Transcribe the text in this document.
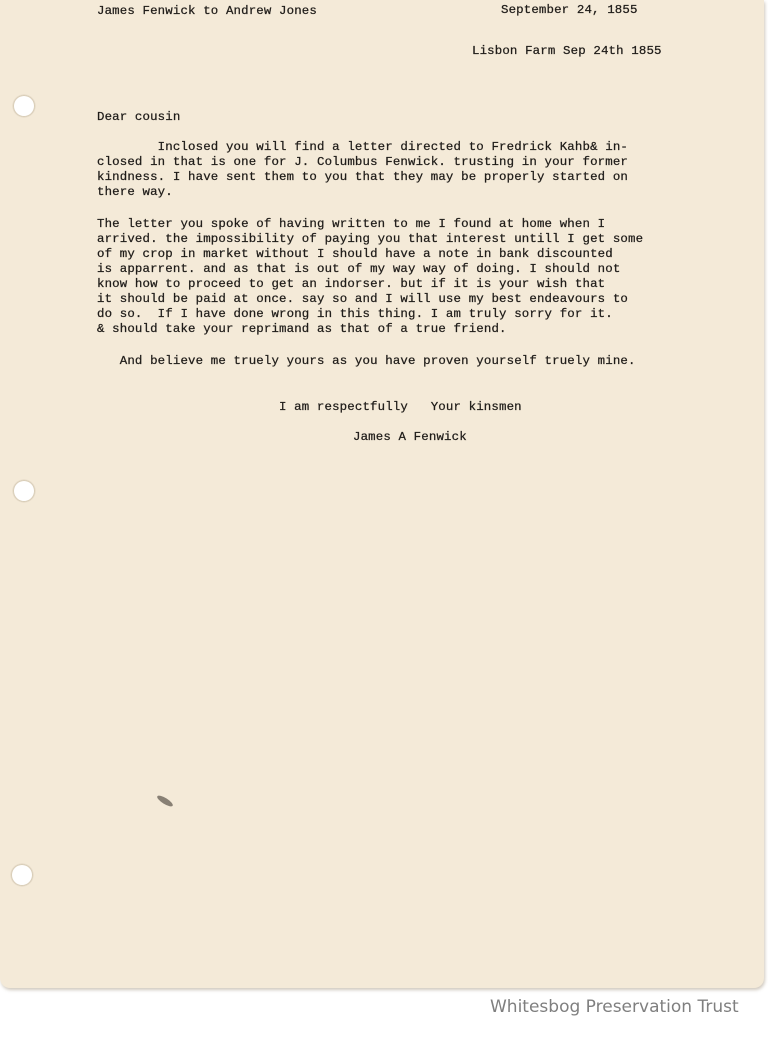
James Fenwick to Andrew Jones	September 24, 1855
Lisbon Farm Sep 24th 1855
Dear cousin
Inclosed you will find a letter directed to Fredrick Kahb& in-
closed in that is one for J. Columbus Fenwick. trusting in your former
kindness. I have sent them to you that they may be properly started on
there way.
The letter you spoke of having written to me I found at home when I
arrived. the impossibility of paying you that interest untill I get some
of my crop in market without I should have a note in bank discounted
is apparrent. and as that is out of my way way of doing. I should not
know how to proceed to get an indorser. but if it is your wish that
it should be paid at once. say so and I will use my best endeavours to
do so.  If I have done wrong in this thing. I am truly sorry for it.
& should take your reprimand as that of a true friend.
And believe me truely yours as you have proven yourself truely mine.
I am respectfully   Your kinsmen
James A Fenwick
Whitesbog Preservation Trust
